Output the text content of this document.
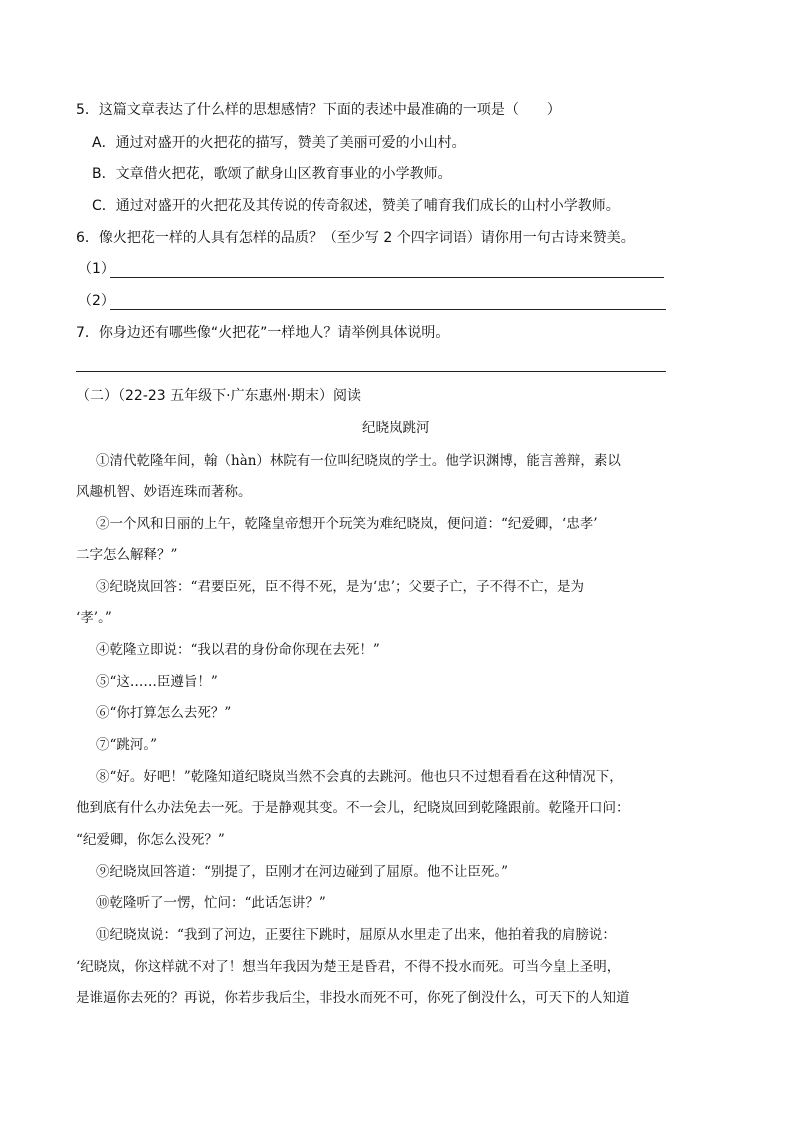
5．这篇文章表达了什么样的思想感情？下面的表述中最准确的一项是（　　）
A．通过对盛开的火把花的描写，赞美了美丽可爱的小山村。
B．文章借火把花，歌颂了献身山区教育事业的小学教师。
C．通过对盛开的火把花及其传说的传奇叙述，赞美了哺育我们成长的山村小学教师。
6．像火把花一样的人具有怎样的品质？（至少写 2 个四字词语）请你用一句古诗来赞美。
（1）
（2）
7．你身边还有哪些像“火把花”一样地人？请举例具体说明。
（二）（22-23 五年级下·广东惠州·期末）阅读
纪晓岚跳河
①清代乾隆年间，翰（hàn）林院有一位叫纪晓岚的学士。他学识渊博，能言善辩，素以
风趣机智、妙语连珠而著称。
②一个风和日丽的上午，乾隆皇帝想开个玩笑为难纪晓岚，便问道：“纪爱卿，‘忠孝’
二字怎么解释？”
③纪晓岚回答：“君要臣死，臣不得不死，是为‘忠’；父要子亡，子不得不亡，是为
‘孝’。”
④乾隆立即说：“我以君的身份命你现在去死！”
⑤“这……臣遵旨！”
⑥“你打算怎么去死？”
⑦“跳河。”
⑧“好。好吧！”乾隆知道纪晓岚当然不会真的去跳河。他也只不过想看看在这种情况下，
他到底有什么办法免去一死。于是静观其变。不一会儿，纪晓岚回到乾隆跟前。乾隆开口问：
“纪爱卿，你怎么没死？”
⑨纪晓岚回答道：“别提了，臣刚才在河边碰到了屈原。他不让臣死。”
⑩乾隆听了一愣，忙问：“此话怎讲？”
⑪纪晓岚说：“我到了河边，正要往下跳时，屈原从水里走了出来，他拍着我的肩膀说：
‘纪晓岚，你这样就不对了！想当年我因为楚王是昏君，不得不投水而死。可当今皇上圣明，
是谁逼你去死的？再说，你若步我后尘，非投水而死不可，你死了倒没什么，可天下的人知道
